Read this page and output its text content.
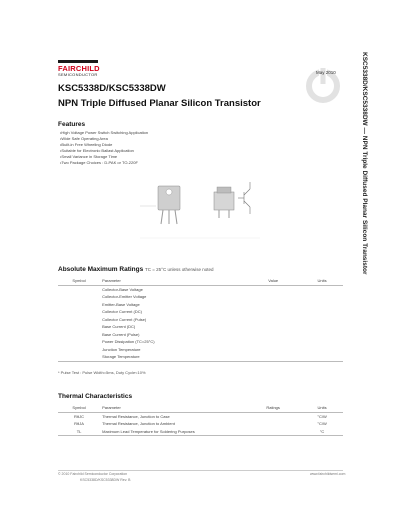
FAIRCHILD
SEMICONDUCTOR	May 2010	KSC5338D/KSC5338DW — NPN Triple Diffused Planar Silicon Transistor
KSC5338D/KSC5338DW
NPN Triple Diffused Planar Silicon Transistor
Features
• High Voltage Power Switch Switching Application
• Wide Safe Operating Area
• Built-in Free Wheeling Diode
• Suitable for Electronic Ballast Application
• Small Variance in Storage Time
• Two Package Choices : D-PAK or TO-220F
Absolute Maximum Ratings TC = 25°C unless otherwise noted
Symbol	Parameter	Value	Units
	Collector-Base Voltage		
	Collector-Emitter Voltage		
	Emitter-Base Voltage		
	Collector Current (DC)		
	Collector Current (Pulse)		
	Base Current (DC)		
	Base Current (Pulse)		
	Power Dissipation (TC=25°C)		
	Junction Temperature		
	Storage Temperature		
* Pulse Test : Pulse Width=5ms, Duty Cycle<10%
Thermal Characteristics
Symbol	Parameter	Ratings	Units
RθJC	Thermal Resistance, Junction to Case		°C/W
RθJA	Thermal Resistance, Junction to Ambient		°C/W
TL	Maximum Lead Temperature for Soldering Purposes		°C
© 2010 Fairchild Semiconductor Corporation
KSC5338D/KSC5338DW Rev. B
www.fairchildsemi.com
